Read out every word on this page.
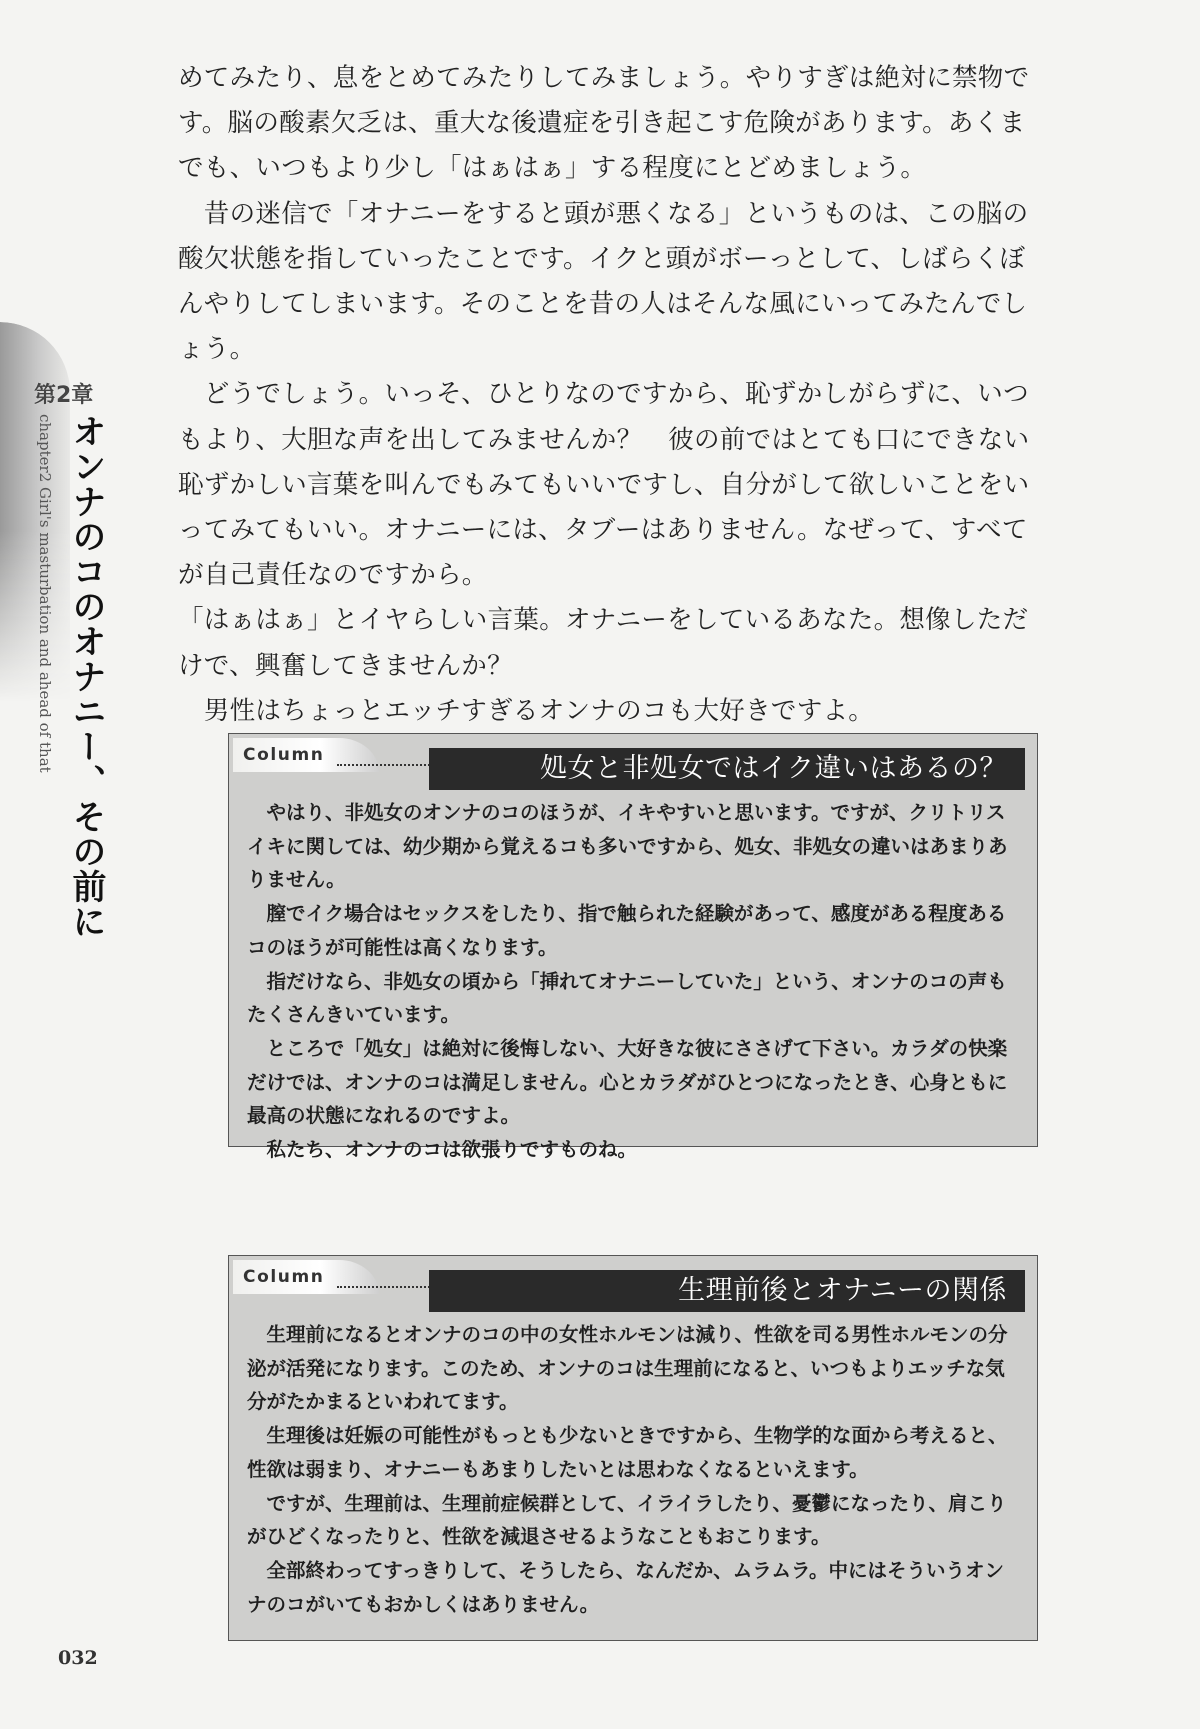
第2章
chapter2 Girl's masturbation and ahead of that オンナのコのオナニー、その前に

めてみたり、息をとめてみたりしてみましょう。やりすぎは絶対に禁物です。脳の酸素欠乏は、重大な後遺症を引き起こす危険があります。あくまでも、いつもより少し「はぁはぁ」する程度にとどめましょう。

　昔の迷信で「オナニーをすると頭が悪くなる」というものは、この脳の酸欠状態を指していったことです。イクと頭がボーっとして、しばらくぼんやりしてしまいます。そのことを昔の人はそんな風にいってみたんでしょう。

　どうでしょう。いっそ、ひとりなのですから、恥ずかしがらずに、いつもより、大胆な声を出してみませんか？　彼の前ではとても口にできない恥ずかしい言葉を叫んでもみてもいいですし、自分がして欲しいことをいってみてもいい。オナニーには、タブーはありません。なぜって、すべてが自己責任なのですから。

「はぁはぁ」とイヤらしい言葉。オナニーをしているあなた。想像しただけで、興奮してきませんか？

　男性はちょっとエッチすぎるオンナのコも大好きですよ。

Column	処女と非処女ではイク違いはあるの？

　やはり、非処女のオンナのコのほうが、イキやすいと思います。ですが、クリトリスイキに関しては、幼少期から覚えるコも多いですから、処女、非処女の違いはあまりありません。

　膣でイク場合はセックスをしたり、指で触られた経験があって、感度がある程度あるコのほうが可能性は高くなります。

　指だけなら、非処女の頃から「挿れてオナニーしていた」という、オンナのコの声もたくさんきいています。

　ところで「処女」は絶対に後悔しない、大好きな彼にささげて下さい。カラダの快楽だけでは、オンナのコは満足しません。心とカラダがひとつになったとき、心身ともに最高の状態になれるのですよ。

　私たち、オンナのコは欲張りですものね。

Column	生理前後とオナニーの関係

　生理前になるとオンナのコの中の女性ホルモンは減り、性欲を司る男性ホルモンの分泌が活発になります。このため、オンナのコは生理前になると、いつもよりエッチな気分がたかまるといわれてます。

　生理後は妊娠の可能性がもっとも少ないときですから、生物学的な面から考えると、性欲は弱まり、オナニーもあまりしたいとは思わなくなるといえます。

　ですが、生理前は、生理前症候群として、イライラしたり、憂鬱になったり、肩こりがひどくなったりと、性欲を減退させるようなこともおこります。

　全部終わってすっきりして、そうしたら、なんだか、ムラムラ。中にはそういうオンナのコがいてもおかしくはありません。

032
